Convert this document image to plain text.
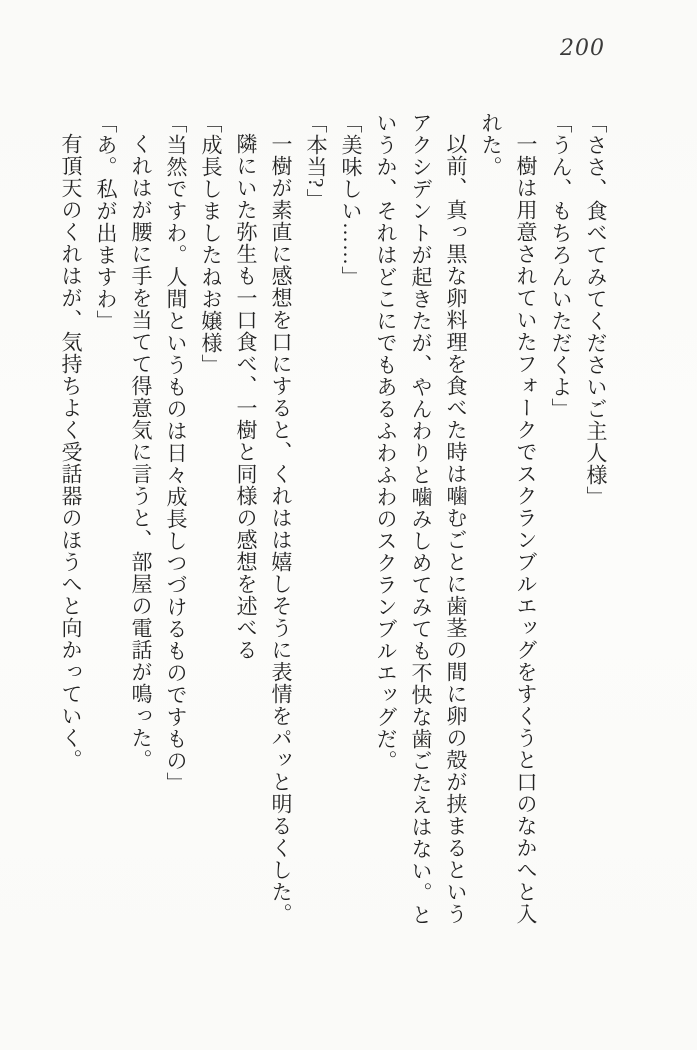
200

「ささ、食べてみてくださいご主人様」

「うん、もちろんいただくよ」

一樹は用意されていたフォークでスクランブルエッグをすくうと口のなかへと入れた。

以前、真っ黒な卵料理を食べた時は噛むごとに歯茎の間に卵の殻が挟まるというアクシデントが起きたが、やんわりと噛みしめてみても不快な歯ごたえはない。というか、それはどこにでもあるふわふわのスクランブルエッグだ。

「美味しい……」

「本当?」

一樹が素直に感想を口にすると、くれはは嬉しそうに表情をパッと明るくした。

隣にいた弥生も一口食べ、一樹と同様の感想を述べる

「成長しましたねお嬢様」

「当然ですわ。人間というものは日々成長しつづけるものですもの」

くれはが腰に手を当てて得意気に言うと、部屋の電話が鳴った。

「あ。私が出ますわ」

有頂天のくれはが、気持ちよく受話器のほうへと向かっていく。
